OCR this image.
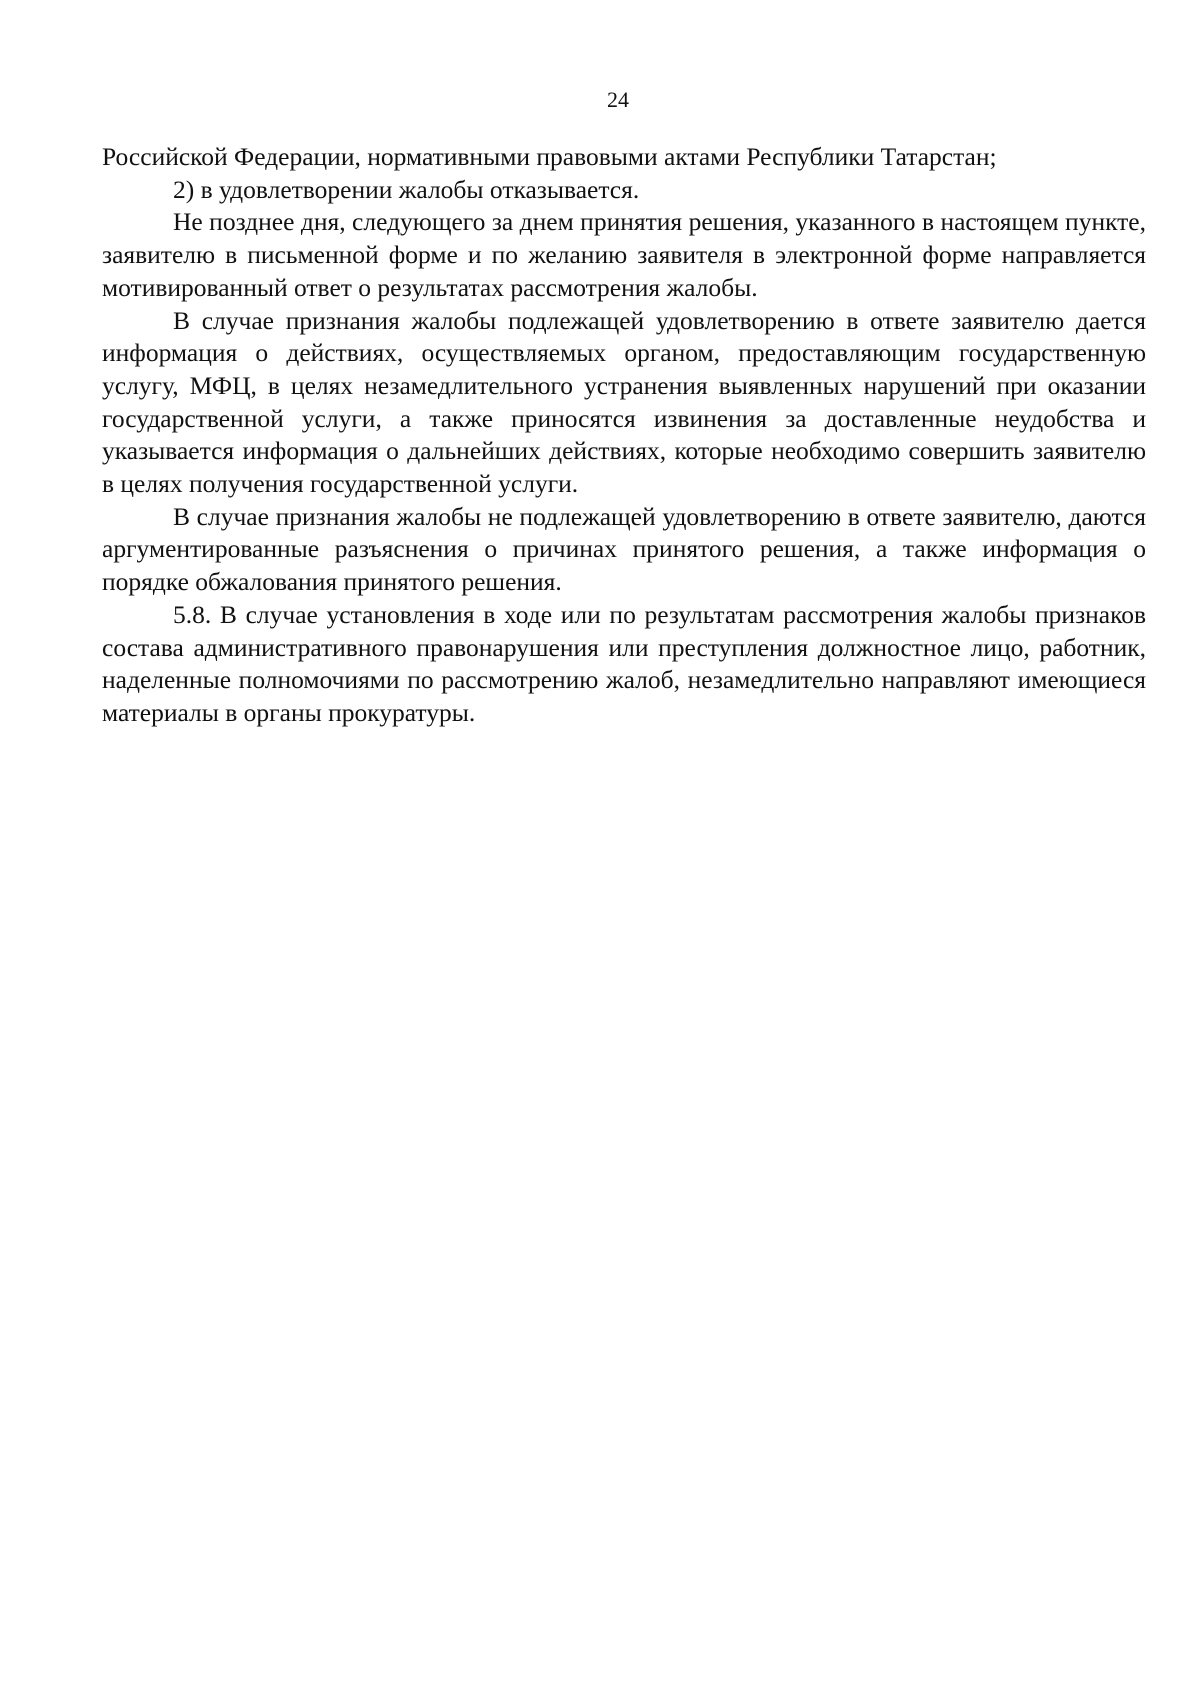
24

Российской Федерации, нормативными правовыми актами Республики Татарстан;

2) в удовлетворении жалобы отказывается.

Не позднее дня, следующего за днем принятия решения, указанного в настоящем пункте, заявителю в письменной форме и по желанию заявителя в электронной форме направляется мотивированный ответ о результатах рассмотрения жалобы.

В случае признания жалобы подлежащей удовлетворению в ответе заявителю дается информация о действиях, осуществляемых органом, предоставляющим государственную услугу, МФЦ, в целях незамедлительного устранения выявленных нарушений при оказании государственной услуги, а также приносятся извинения за доставленные неудобства и указывается информация о дальнейших действиях, которые необходимо совершить заявителю в целях получения государственной услуги.

В случае признания жалобы не подлежащей удовлетворению в ответе заявителю, даются аргументированные разъяснения о причинах принятого решения, а также информация о порядке обжалования принятого решения.

5.8. В случае установления в ходе или по результатам рассмотрения жалобы признаков состава административного правонарушения или преступления должностное лицо, работник, наделенные полномочиями по рассмотрению жалоб, незамедлительно направляют имеющиеся материалы в органы прокуратуры.
